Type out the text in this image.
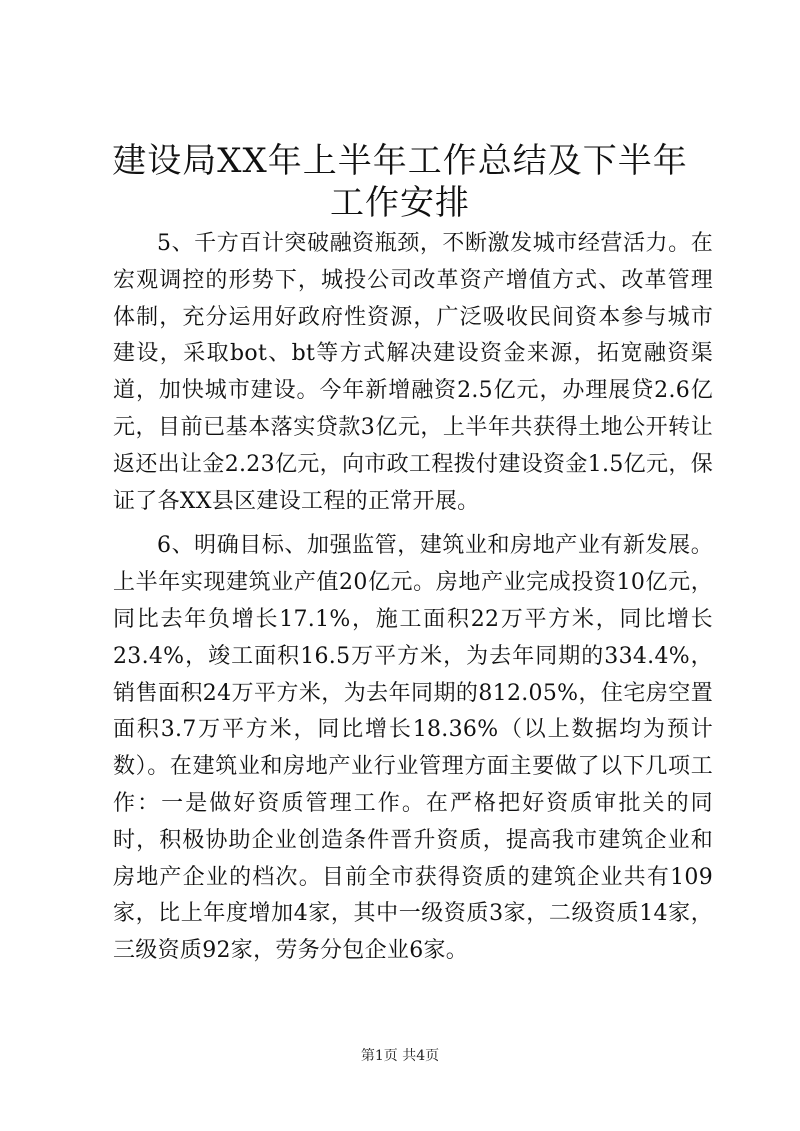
建设局XX年上半年工作总结及下半年工作安排

5、千方百计突破融资瓶颈，不断激发城市经营活力。在宏观调控的形势下，城投公司改革资产增值方式、改革管理体制，充分运用好政府性资源，广泛吸收民间资本参与城市建设，采取bot、bt等方式解决建设资金来源，拓宽融资渠道，加快城市建设。今年新增融资2.5亿元，办理展贷2.6亿元，目前已基本落实贷款3亿元，上半年共获得土地公开转让返还出让金2.23亿元，向市政工程拨付建设资金1.5亿元，保证了各XX县区建设工程的正常开展。

6、明确目标、加强监管，建筑业和房地产业有新发展。上半年实现建筑业产值20亿元。房地产业完成投资10亿元，同比去年负增长17.1%，施工面积22万平方米，同比增长23.4%，竣工面积16.5万平方米，为去年同期的334.4%，销售面积24万平方米，为去年同期的812.05%，住宅房空置面积3.7万平方米，同比增长18.36%（以上数据均为预计数）。在建筑业和房地产业行业管理方面主要做了以下几项工作：一是做好资质管理工作。在严格把好资质审批关的同时，积极协助企业创造条件晋升资质，提高我市建筑企业和房地产企业的档次。目前全市获得资质的建筑企业共有109家，比上年度增加4家，其中一级资质3家，二级资质14家，三级资质92家，劳务分包企业6家。

第1页 共4页
